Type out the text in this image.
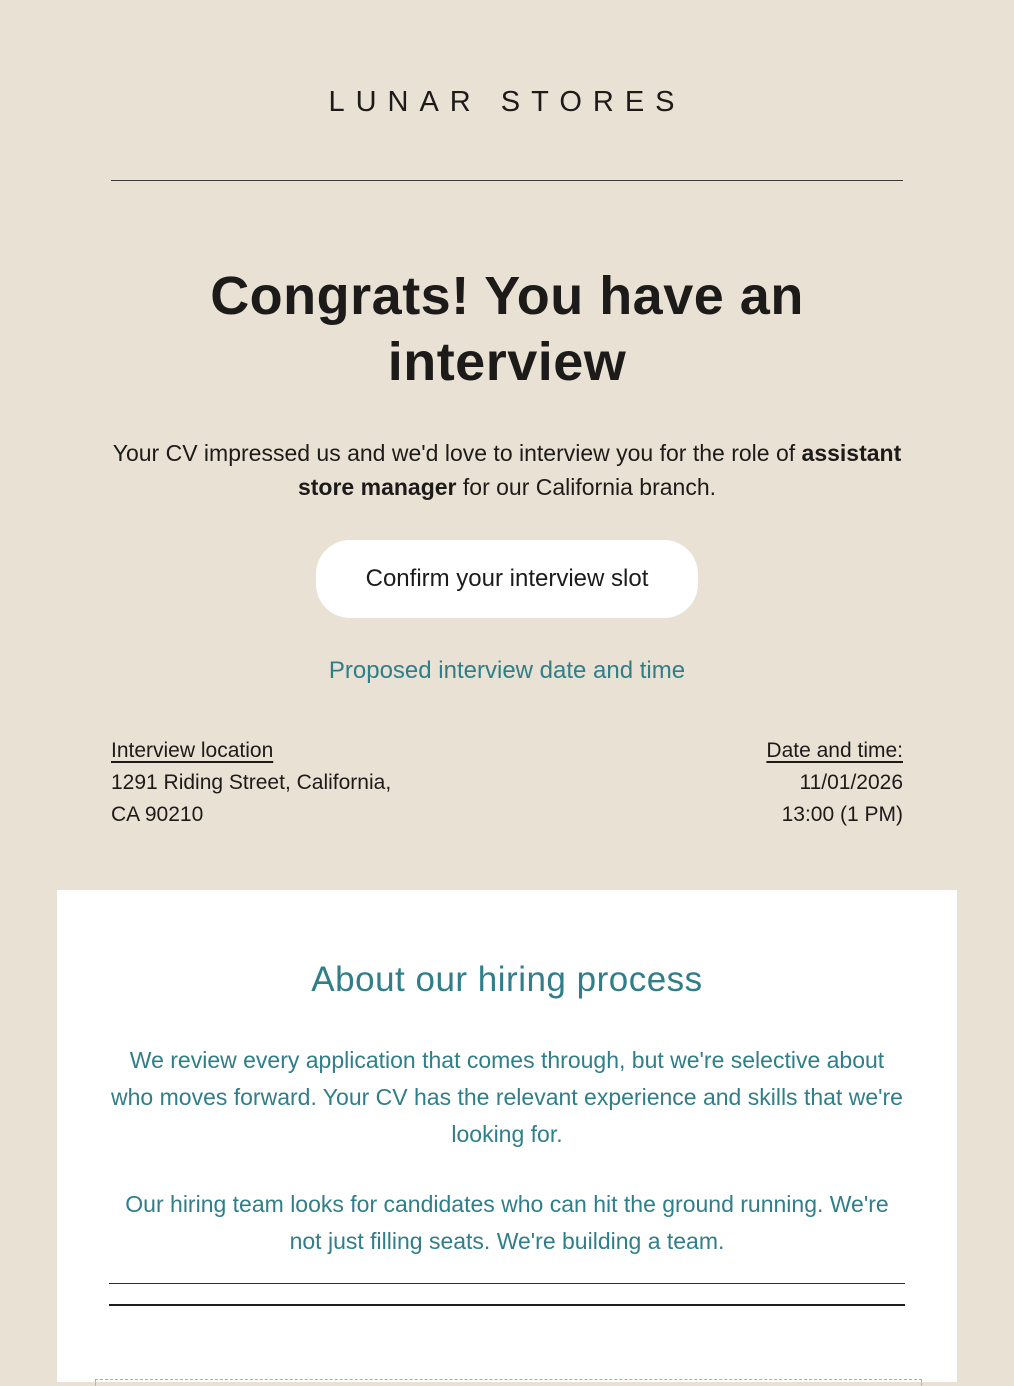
LUNAR STORES
Congrats! You have an
interview

Your CV impressed us and we'd love to interview you for the role of assistant store manager for our California branch.

Confirm your interview slot
Proposed interview date and time
Interview location
1291 Riding Street, California,
CA 90210
Date and time:
11/01/2026
13:00 (1 PM)
About our hiring process

We review every application that comes through, but we're selective about who moves forward. Your CV has the relevant experience and skills that we're looking for.

Our hiring team looks for candidates who can hit the ground running. We're not just filling seats. We're building a team.
